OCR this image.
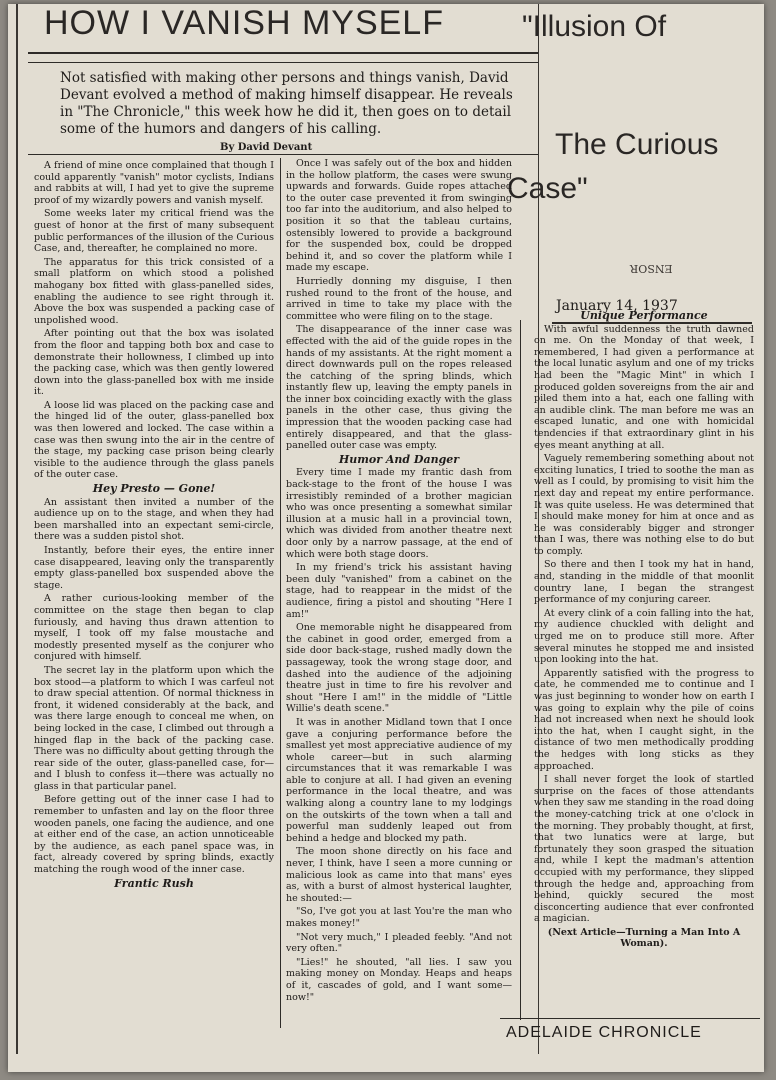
HOW I VANISH MYSELF	"Illusion Of
The Curious
Case"
Not satisfied with making other persons and things vanish, David Devant evolved a method of making himself disappear. He reveals in "The Chronicle," this week how he did it, then goes on to detail some of the humors and dangers of his calling.
By David Devant
ENSOR
January 14, 1937

A friend of mine once complained that though I could apparently "vanish" motor cyclists, Indians and rabbits at will, I had yet to give the supreme proof of my wizardly powers and vanish myself.

Some weeks later my critical friend was the guest of honor at the first of many subsequent public performances of the illusion of the Curious Case, and, thereafter, he complained no more.

The apparatus for this trick consisted of a small platform on which stood a polished mahogany box fitted with glass-panelled sides, enabling the audience to see right through it. Above the box was suspended a packing case of unpolished wood.

After pointing out that the box was isolated from the floor and tapping both box and case to demonstrate their hollowness, I climbed up into the packing case, which was then gently lowered down into the glass-panelled box with me inside it.

A loose lid was placed on the packing case and the hinged lid of the outer, glass-panelled box was then lowered and locked. The case within a case was then swung into the air in the centre of the stage, my packing case prison being clearly visible to the audience through the glass panels of the outer case.

Hey Presto — Gone!

An assistant then invited a number of the audience up on to the stage, and when they had been marshalled into an expectant semi-circle, there was a sudden pistol shot.

Instantly, before their eyes, the entire inner case disappeared, leaving only the transparently empty glass-panelled box suspended above the stage.

A rather curious-looking member of the committee on the stage then began to clap furiously, and having thus drawn attention to myself, I took off my false moustache and modestly presented myself as the conjurer who conjured with himself.

The secret lay in the platform upon which the box stood—a platform to which I was carfeul not to draw special attention. Of normal thickness in front, it widened considerably at the back, and was there large enough to conceal me when, on being locked in the case, I climbed out through a hinged flap in the back of the packing case. There was no difficulty about getting through the rear side of the outer, glass-panelled case, for—and I blush to confess it—there was actually no glass in that particular panel.

Before getting out of the inner case I had to remember to unfasten and lay on the floor three wooden panels, one facing the audience, and one at either end of the case, an action unnoticeable by the audience, as each panel space was, in fact, already covered by spring blinds, exactly matching the rough wood of the inner case.

Frantic Rush

Once I was safely out of the box and hidden in the hollow platform, the cases were swung upwards and forwards. Guide ropes attached to the outer case prevented it from swinging too far into the auditorium, and also helped to position it so that the tableau curtains, ostensibly lowered to provide a background for the suspended box, could be dropped behind it, and so cover the platform while I made my escape.

Hurriedly donning my disguise, I then rushed round to the front of the house, and arrived in time to take my place with the committee who were filing on to the stage.

The disappearance of the inner case was effected with the aid of the guide ropes in the hands of my assistants. At the right moment a direct downwards pull on the ropes released the catching of the spring blinds, which instantly flew up, leaving the empty panels in the inner box coinciding exactly with the glass panels in the other case, thus giving the impression that the wooden packing case had entirely disappeared, and that the glass-panelled outer case was empty.

Humor And Danger

Every time I made my frantic dash from back-stage to the front of the house I was irresistibly reminded of a brother magician who was once presenting a somewhat similar illusion at a music hall in a provincial town, which was divided from another theatre next door only by a narrow passage, at the end of which were both stage doors.

In my friend's trick his assistant having been duly "vanished" from a cabinet on the stage, had to reappear in the midst of the audience, firing a pistol and shouting "Here I am!"

One memorable night he disappeared from the cabinet in good order, emerged from a side door back-stage, rushed madly down the passageway, took the wrong stage door, and dashed into the audience of the adjoining theatre just in time to fire his revolver and shout "Here I am!" in the middle of "Little Willie's death scene."

It was in another Midland town that I once gave a conjuring performance before the smallest yet most appreciative audience of my whole career—but in such alarming circumstances that it was remarkable I was able to conjure at all. I had given an evening performance in the local theatre, and was walking along a country lane to my lodgings on the outskirts of the town when a tall and powerful man suddenly leaped out from behind a hedge and blocked my path.

The moon shone directly on his face and never, I think, have I seen a more cunning or malicious look as came into that mans' eyes as, with a burst of almost hysterical laughter, he shouted:—

"So, I've got you at last You're the man who makes money!"

"Not very much," I pleaded feebly. "And not very often."

"Lies!" he shouted, "all lies. I saw you making money on Monday. Heaps and heaps of it, cascades of gold, and I want some—now!"

Unique Performance

With awful suddenness the truth dawned on me. On the Monday of that week, I remembered, I had given a performance at the local lunatic asylum and one of my tricks had been the "Magic Mint" in which I produced golden sovereigns from the air and piled them into a hat, each one falling with an audible clink. The man before me was an escaped lunatic, and one with homicidal tendencies if that extraordinary glint in his eyes meant anything at all.

Vaguely remembering something about not exciting lunatics, I tried to soothe the man as well as I could, by promising to visit him the next day and repeat my entire performance. It was quite useless. He was determined that I should make money for him at once and as he was considerably bigger and stronger than I was, there was nothing else to do but to comply.

So there and then I took my hat in hand, and, standing in the middle of that moonlit country lane, I began the strangest performance of my conjuring career.

At every clink of a coin falling into the hat, my audience chuckled with delight and urged me on to produce still more. After several minutes he stopped me and insisted upon looking into the hat.

Apparently satisfied with the progress to date, he commended me to continue and I was just beginning to wonder how on earth I was going to explain why the pile of coins had not increased when next he should look into the hat, when I caught sight, in the distance of two men methodically prodding the hedges with long sticks as they approached.

I shall never forget the look of startled surprise on the faces of those attendants when they saw me standing in the road doing the money-catching trick at one o'clock in the morning. They probably thought, at first, that two lunatics were at large, but fortunately they soon grasped the situation and, while I kept the madman's attention occupied with my performance, they slipped through the hedge and, approaching from behind, quickly secured the most disconcerting audience that ever confronted a magician.

(Next Article—Turning a Man Into A Woman).

ADELAIDE CHRONICLE
